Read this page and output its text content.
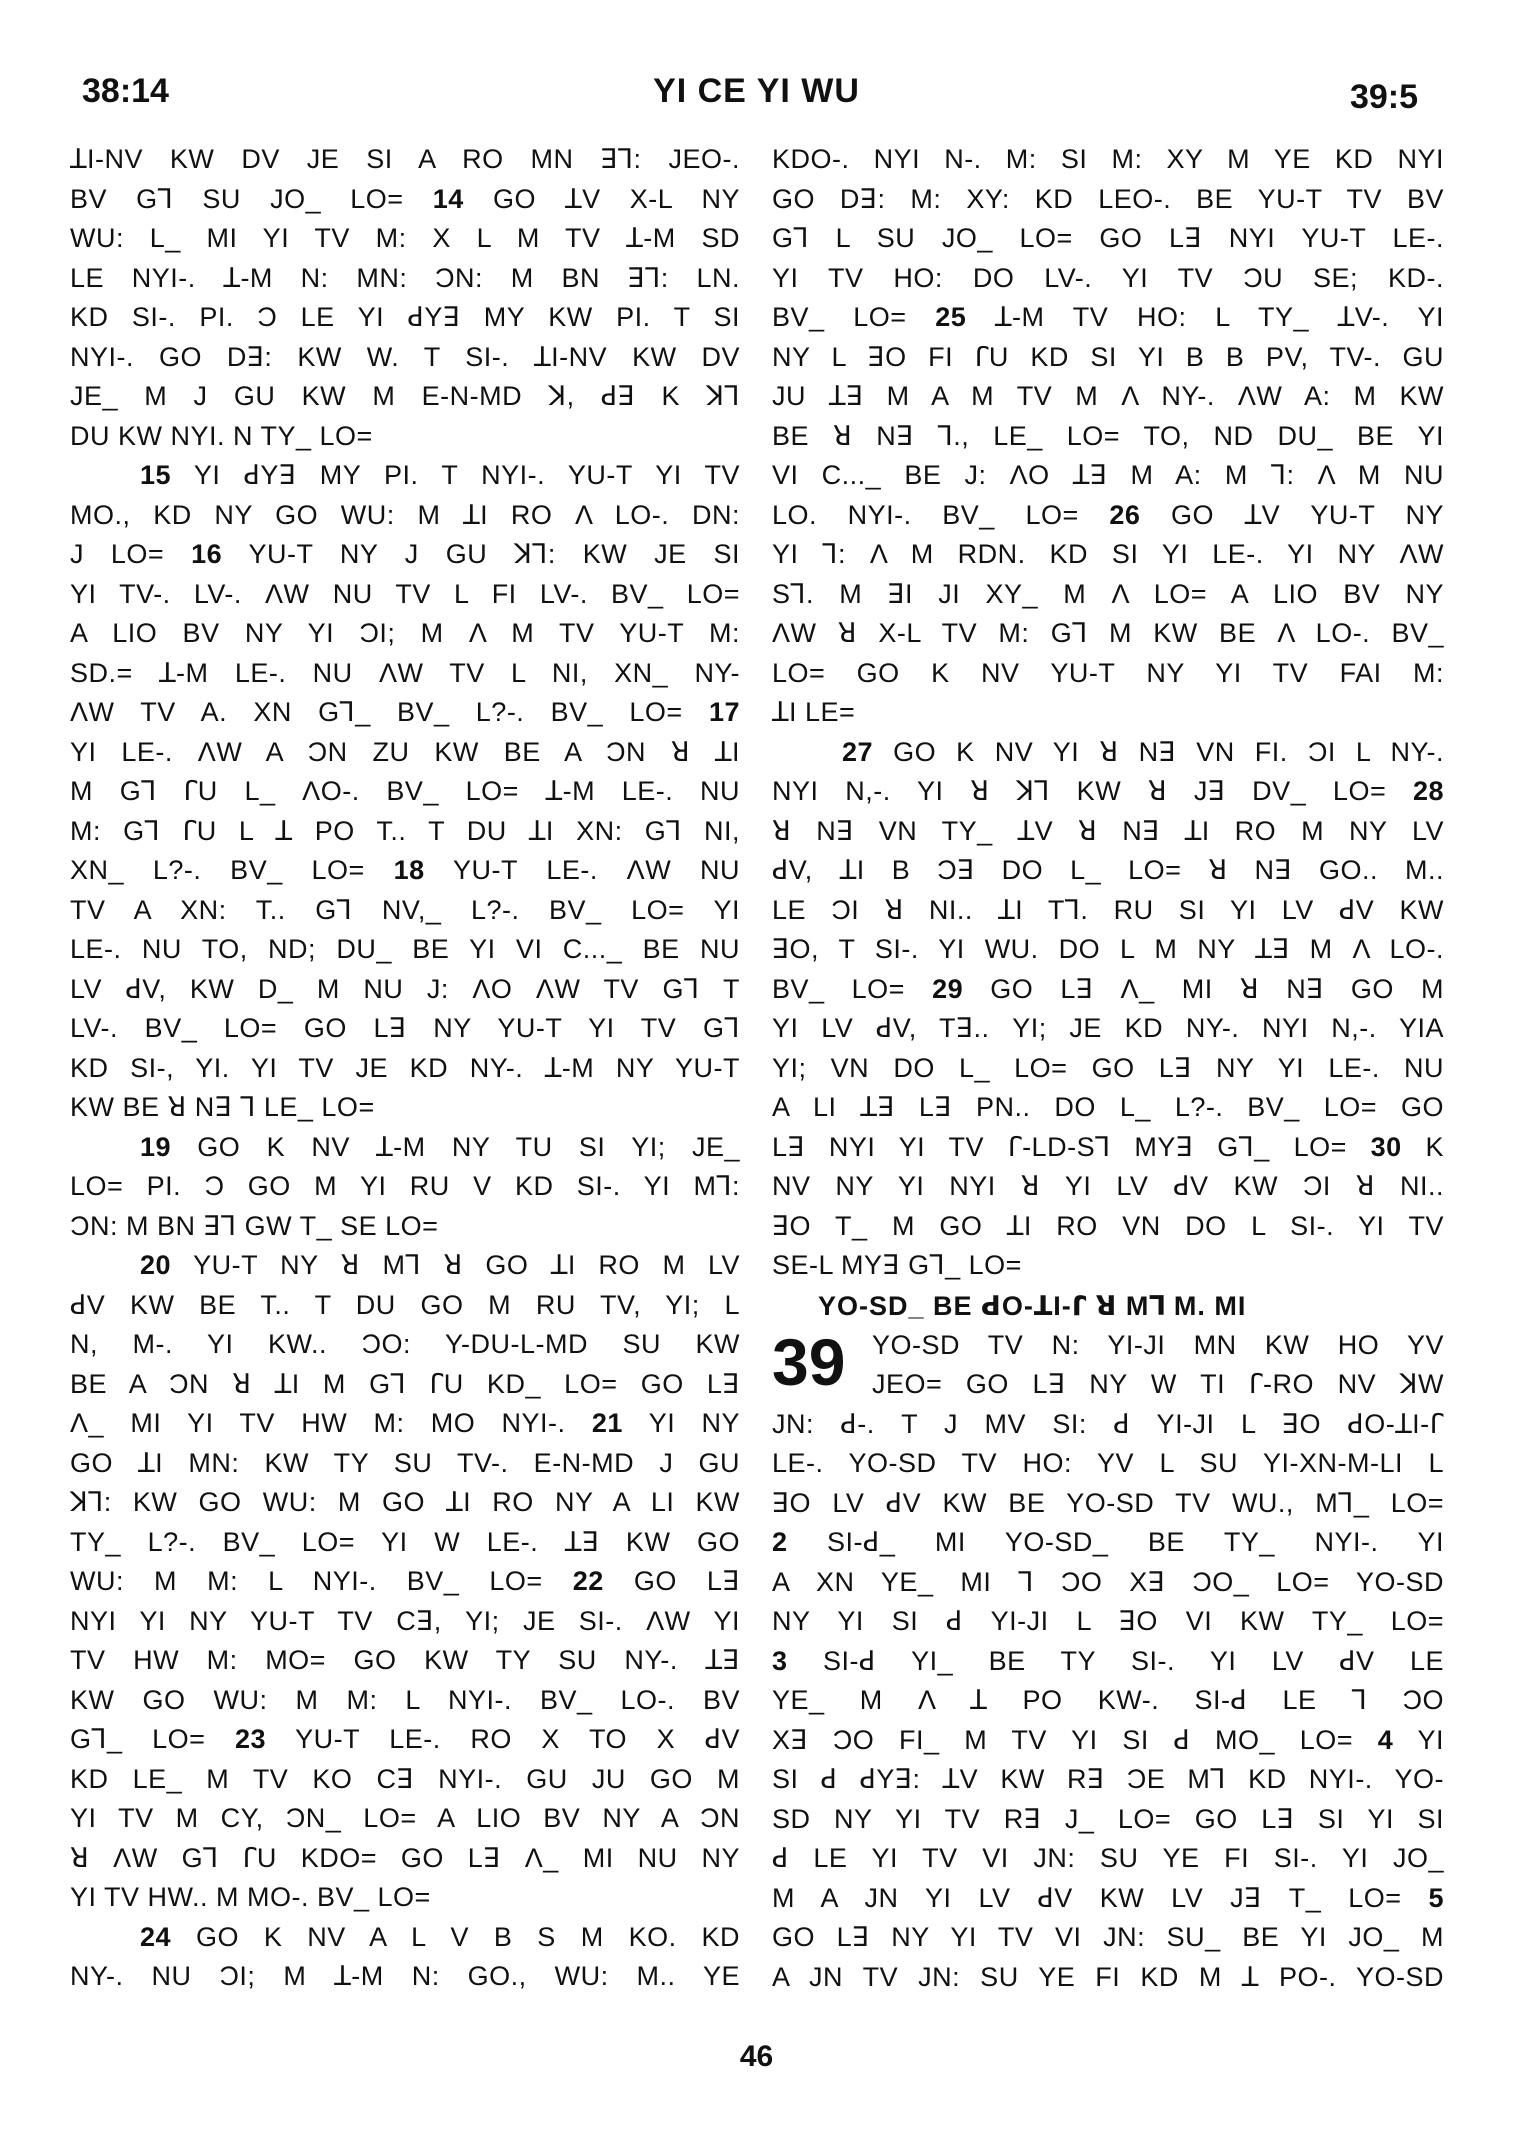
38:14	YI CE YI WU	39:5
ꓕI-NV KW DV JE SI A RO MN ꓱꓶ: JEO-.
BV Gꓶ SU JO_ LO= 14 GO ꓕV X-L NY
WU: L_ MI YI TV M: X L M TV ꓕ-M SD
LE NYI-. ꓕ-M N: MN: ϽN: M BN ꓱꓶ: LN.
KD SI-. PI. Ͻ LE YI ꓒYꓱ MY KW PI. T SI
NYI-. GO Dꓱ: KW W. T SI-. ꓕI-NV KW DV
JE_ M J GU KW M E-N-MD ꓘ, ꓒꓱ K ꓘꓶ
DU KW NYI. N TY_ LO=
15 YI ꓒYꓱ MY PI. T NYI-. YU-T YI TV
MO., KD NY GO WU: M ꓕI RO Λ LO-. DN:
J LO= 16 YU-T NY J GU ꓘꓶ: KW JE SI
YI TV-. LV-. ΛW NU TV L FI LV-. BV_ LO=
A LIO BV NY YI ϽI; M Λ M TV YU-T M:
SD.= ꓕ-M LE-. NU ΛW TV L NI, XN_ NY-
ΛW TV A. XN Gꓶ_ BV_ L?-. BV_ LO= 17
YI LE-. ΛW A ϽN ZU KW BE A ϽN ꓤ ꓕI
M Gꓶ ꓩU L_ ΛO-. BV_ LO= ꓕ-M LE-. NU
M: Gꓶ ꓩU L ꓕ PO T.. T DU ꓕI XN: Gꓶ NI,
XN_ L?-. BV_ LO= 18 YU-T LE-. ΛW NU
TV A XN: T.. Gꓶ NV,_ L?-. BV_ LO= YI
LE-. NU TO, ND; DU_ BE YI VI C..._ BE NU
LV ꓒV, KW D_ M NU J: ΛO ΛW TV Gꓶ T
LV-. BV_ LO= GO Lꓱ NY YU-T YI TV Gꓶ
KD SI-, YI. YI TV JE KD NY-. ꓕ-M NY YU-T
KW BE ꓤ Nꓱ ꓶ LE_ LO=
19 GO K NV ꓕ-M NY TU SI YI; JE_
LO= PI. Ͻ GO M YI RU V KD SI-. YI Mꓶ:
ϽN: M BN ꓱꓶ GW T_ SE LO=
20 YU-T NY ꓤ Mꓶ ꓤ GO ꓕI RO M LV
ꓒV KW BE T.. T DU GO M RU TV, YI; L
N, M-. YI KW.. ϽO: Y-DU-L-MD SU KW
BE A ϽN ꓤ ꓕI M Gꓶ ꓩU KD_ LO= GO Lꓱ
Λ_ MI YI TV HW M: MO NYI-. 21 YI NY
GO ꓕI MN: KW TY SU TV-. E-N-MD J GU
ꓘꓶ: KW GO WU: M GO ꓕI RO NY A LI KW
TY_ L?-. BV_ LO= YI W LE-. ꓕꓱ KW GO
WU: M M: L NYI-. BV_ LO= 22 GO Lꓱ
NYI YI NY YU-T TV Cꓱ, YI; JE SI-. ΛW YI
TV HW M: MO= GO KW TY SU NY-. ꓕꓱ
KW GO WU: M M: L NYI-. BV_ LO-. BV
Gꓶ_ LO= 23 YU-T LE-. RO X TO X ꓒV
KD LE_ M TV KO Cꓱ NYI-. GU JU GO M
YI TV M CY, ϽN_ LO= A LIO BV NY A ϽN
ꓤ ΛW Gꓶ ꓩU KDO= GO Lꓱ Λ_ MI NU NY
YI TV HW.. M MO-. BV_ LO=
24 GO K NV A L V B S M KO. KD
NY-. NU ϽI; M ꓕ-M N: GO., WU: M.. YE
KDO-. NYI N-. M: SI M: XY M YE KD NYI
GO Dꓱ: M: XY: KD LEO-. BE YU-T TV BV
Gꓶ L SU JO_ LO= GO Lꓱ NYI YU-T LE-.
YI TV HO: DO LV-. YI TV ϽU SE; KD-.
BV_ LO= 25 ꓕ-M TV HO: L TY_ ꓕV-. YI
NY L ꓱO FI ꓩU KD SI YI B B PV, TV-. GU
JU ꓕꓱ M A M TV M Λ NY-. ΛW A: M KW
BE ꓤ Nꓱ ꓶ., LE_ LO= TO, ND DU_ BE YI
VI C..._ BE J: ΛO ꓕꓱ M A: M ꓶ: Λ M NU
LO. NYI-. BV_ LO= 26 GO ꓕV YU-T NY
YI ꓶ: Λ M RDN. KD SI YI LE-. YI NY ΛW
Sꓶ. M ꓱI JI XY_ M Λ LO= A LIO BV NY
ΛW ꓤ X-L TV M: Gꓶ M KW BE Λ LO-. BV_
LO= GO K NV YU-T NY YI TV FAI M:
ꓕI LE=
27 GO K NV YI ꓤ Nꓱ VN FI. ϽI L NY-.
NYI N,-. YI ꓤ ꓘꓶ KW ꓤ Jꓱ DV_ LO= 28
ꓤ Nꓱ VN TY_ ꓕV ꓤ Nꓱ ꓕI RO M NY LV
ꓒV, ꓕI B Ͻꓱ DO L_ LO= ꓤ Nꓱ GO.. M..
LE ϽI ꓤ NI.. ꓕI Tꓶ. RU SI YI LV ꓒV KW
ꓱO, T SI-. YI WU. DO L M NY ꓕꓱ M Λ LO-.
BV_ LO= 29 GO Lꓱ Λ_ MI ꓤ Nꓱ GO M
YI LV ꓒV, Tꓱ.. YI; JE KD NY-. NYI N,-. YIA
YI; VN DO L_ LO= GO Lꓱ NY YI LE-. NU
A LI ꓕꓱ Lꓱ PN.. DO L_ L?-. BV_ LO= GO
Lꓱ NYI YI TV ꓩ-LD-Sꓶ MYꓱ Gꓶ_ LO= 30 K
NV NY YI NYI ꓤ YI LV ꓒV KW ϽI ꓤ NI..
ꓱO T_ M GO ꓕI RO VN DO L SI-. YI TV
SE-L MYꓱ Gꓶ_ LO=
YO-SD_ BE ꓒO-ꓕI-ꓩ ꓤ Mꓶ M. MI
39 YO-SD TV N: YI-JI MN KW HO YV
JEO= GO Lꓱ NY W TI ꓩ-RO NV ꓘW
JN: ꓒ-. T J MV SI: ꓒ YI-JI L ꓱO ꓒO-ꓕI-ꓩ
LE-. YO-SD TV HO: YV L SU YI-XN-M-LI L
ꓱO LV ꓒV KW BE YO-SD TV WU., Mꓶ_ LO=
2 SI-ꓒ_ MI YO-SD_ BE TY_ NYI-. YI
A XN YE_ MI ꓶ ϽO Xꓱ ϽO_ LO= YO-SD
NY YI SI ꓒ YI-JI L ꓱO VI KW TY_ LO=
3 SI-ꓒ YI_ BE TY SI-. YI LV ꓒV LE
YE_ M Λ ꓕ PO KW-. SI-ꓒ LE ꓶ ϽO
Xꓱ ϽO FI_ M TV YI SI ꓒ MO_ LO= 4 YI
SI ꓒ ꓒYꓱ: ꓕV KW Rꓱ ϽE Mꓶ KD NYI-. YO-
SD NY YI TV Rꓱ J_ LO= GO Lꓱ SI YI SI
ꓒ LE YI TV VI JN: SU YE FI SI-. YI JO_
M A JN YI LV ꓒV KW LV Jꓱ T_ LO= 5
GO Lꓱ NY YI TV VI JN: SU_ BE YI JO_ M
A JN TV JN: SU YE FI KD M ꓕ PO-. YO-SD
46
